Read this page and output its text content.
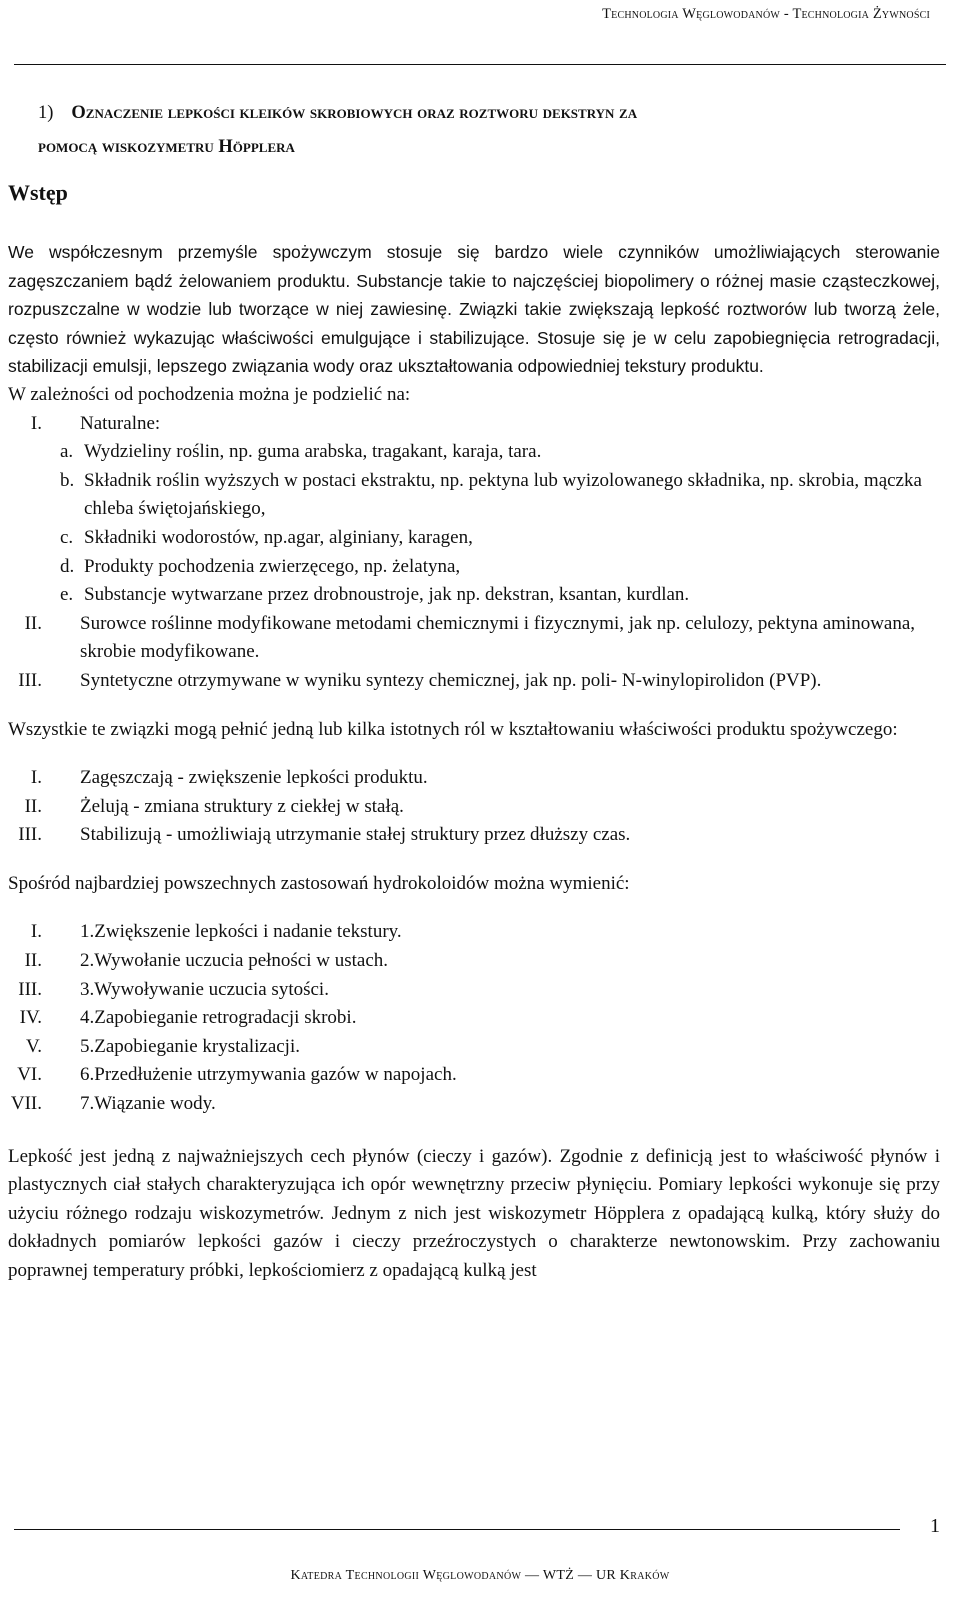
Technologia Węglowodanów - Technologia Żywności
1) Oznaczenie lepkości kleików skrobiowych oraz roztworu dekstryn za
pomocą wiskozymetru Höpplera
Wstęp

We współczesnym przemyśle spożywczym stosuje się bardzo wiele czynników umożliwiających sterowanie zagęszczaniem bądź żelowaniem produktu. Substancje takie to najczęściej biopolimery o różnej masie cząsteczkowej, rozpuszczalne w wodzie lub tworzące w niej zawiesinę. Związki takie zwiększają lepkość roztworów lub tworzą żele, często również wykazując właściwości emulgujące i stabilizujące. Stosuje się je w celu zapobiegnięcia retrogradacji, stabilizacji emulsji, lepszego związania wody oraz ukształtowania odpowiedniej tekstury produktu.

W zależności od pochodzenia można je podzielić na:

I. Naturalne:
a. Wydzieliny roślin, np. guma arabska, tragakant, karaja, tara.
b. Składnik roślin wyższych w postaci ekstraktu, np. pektyna lub wyizolowanego składnika, np. skrobia, mączka chleba świętojańskiego,
c. Składniki wodorostów, np.agar, alginiany, karagen,
d. Produkty pochodzenia zwierzęcego, np. żelatyna,
e. Substancje wytwarzane przez drobnoustroje, jak np. dekstran, ksantan, kurdlan.
II. Surowce roślinne modyfikowane metodami chemicznymi i fizycznymi, jak np. celulozy, pektyna aminowana, skrobie modyfikowane.
III. Syntetyczne otrzymywane w wyniku syntezy chemicznej, jak np. poli- N-winylopirolidon (PVP).

Wszystkie te związki mogą pełnić jedną lub kilka istotnych ról w kształtowaniu właściwości produktu spożywczego:

I. Zagęszczają - zwiększenie lepkości produktu.
II. Żelują - zmiana struktury z ciekłej w stałą.
III. Stabilizują - umożliwiają utrzymanie stałej struktury przez dłuższy czas.

Spośród najbardziej powszechnych zastosowań hydrokoloidów można wymienić:

I. 1.Zwiększenie lepkości i nadanie tekstury.
II. 2.Wywołanie uczucia pełności w ustach.
III. 3.Wywoływanie uczucia sytości.
IV. 4.Zapobieganie retrogradacji skrobi.
V. 5.Zapobieganie krystalizacji.
VI. 6.Przedłużenie utrzymywania gazów w napojach.
VII. 7.Wiązanie wody.

Lepkość jest jedną z najważniejszych cech płynów (cieczy i gazów). Zgodnie z definicją jest to właściwość płynów i plastycznych ciał stałych charakteryzująca ich opór wewnętrzny przeciw płynięciu. Pomiary lepkości wykonuje się przy użyciu różnego rodzaju wiskozymetrów. Jednym z nich jest wiskozymetr Höpplera z opadającą kulką, który służy do dokładnych pomiarów lepkości gazów i cieczy przeźroczystych o charakterze newtonowskim. Przy zachowaniu poprawnej temperatury próbki, lepkościomierz z opadającą kulką jest

1
Katedra Technologii Węglowodanów — WTŻ — UR Kraków
